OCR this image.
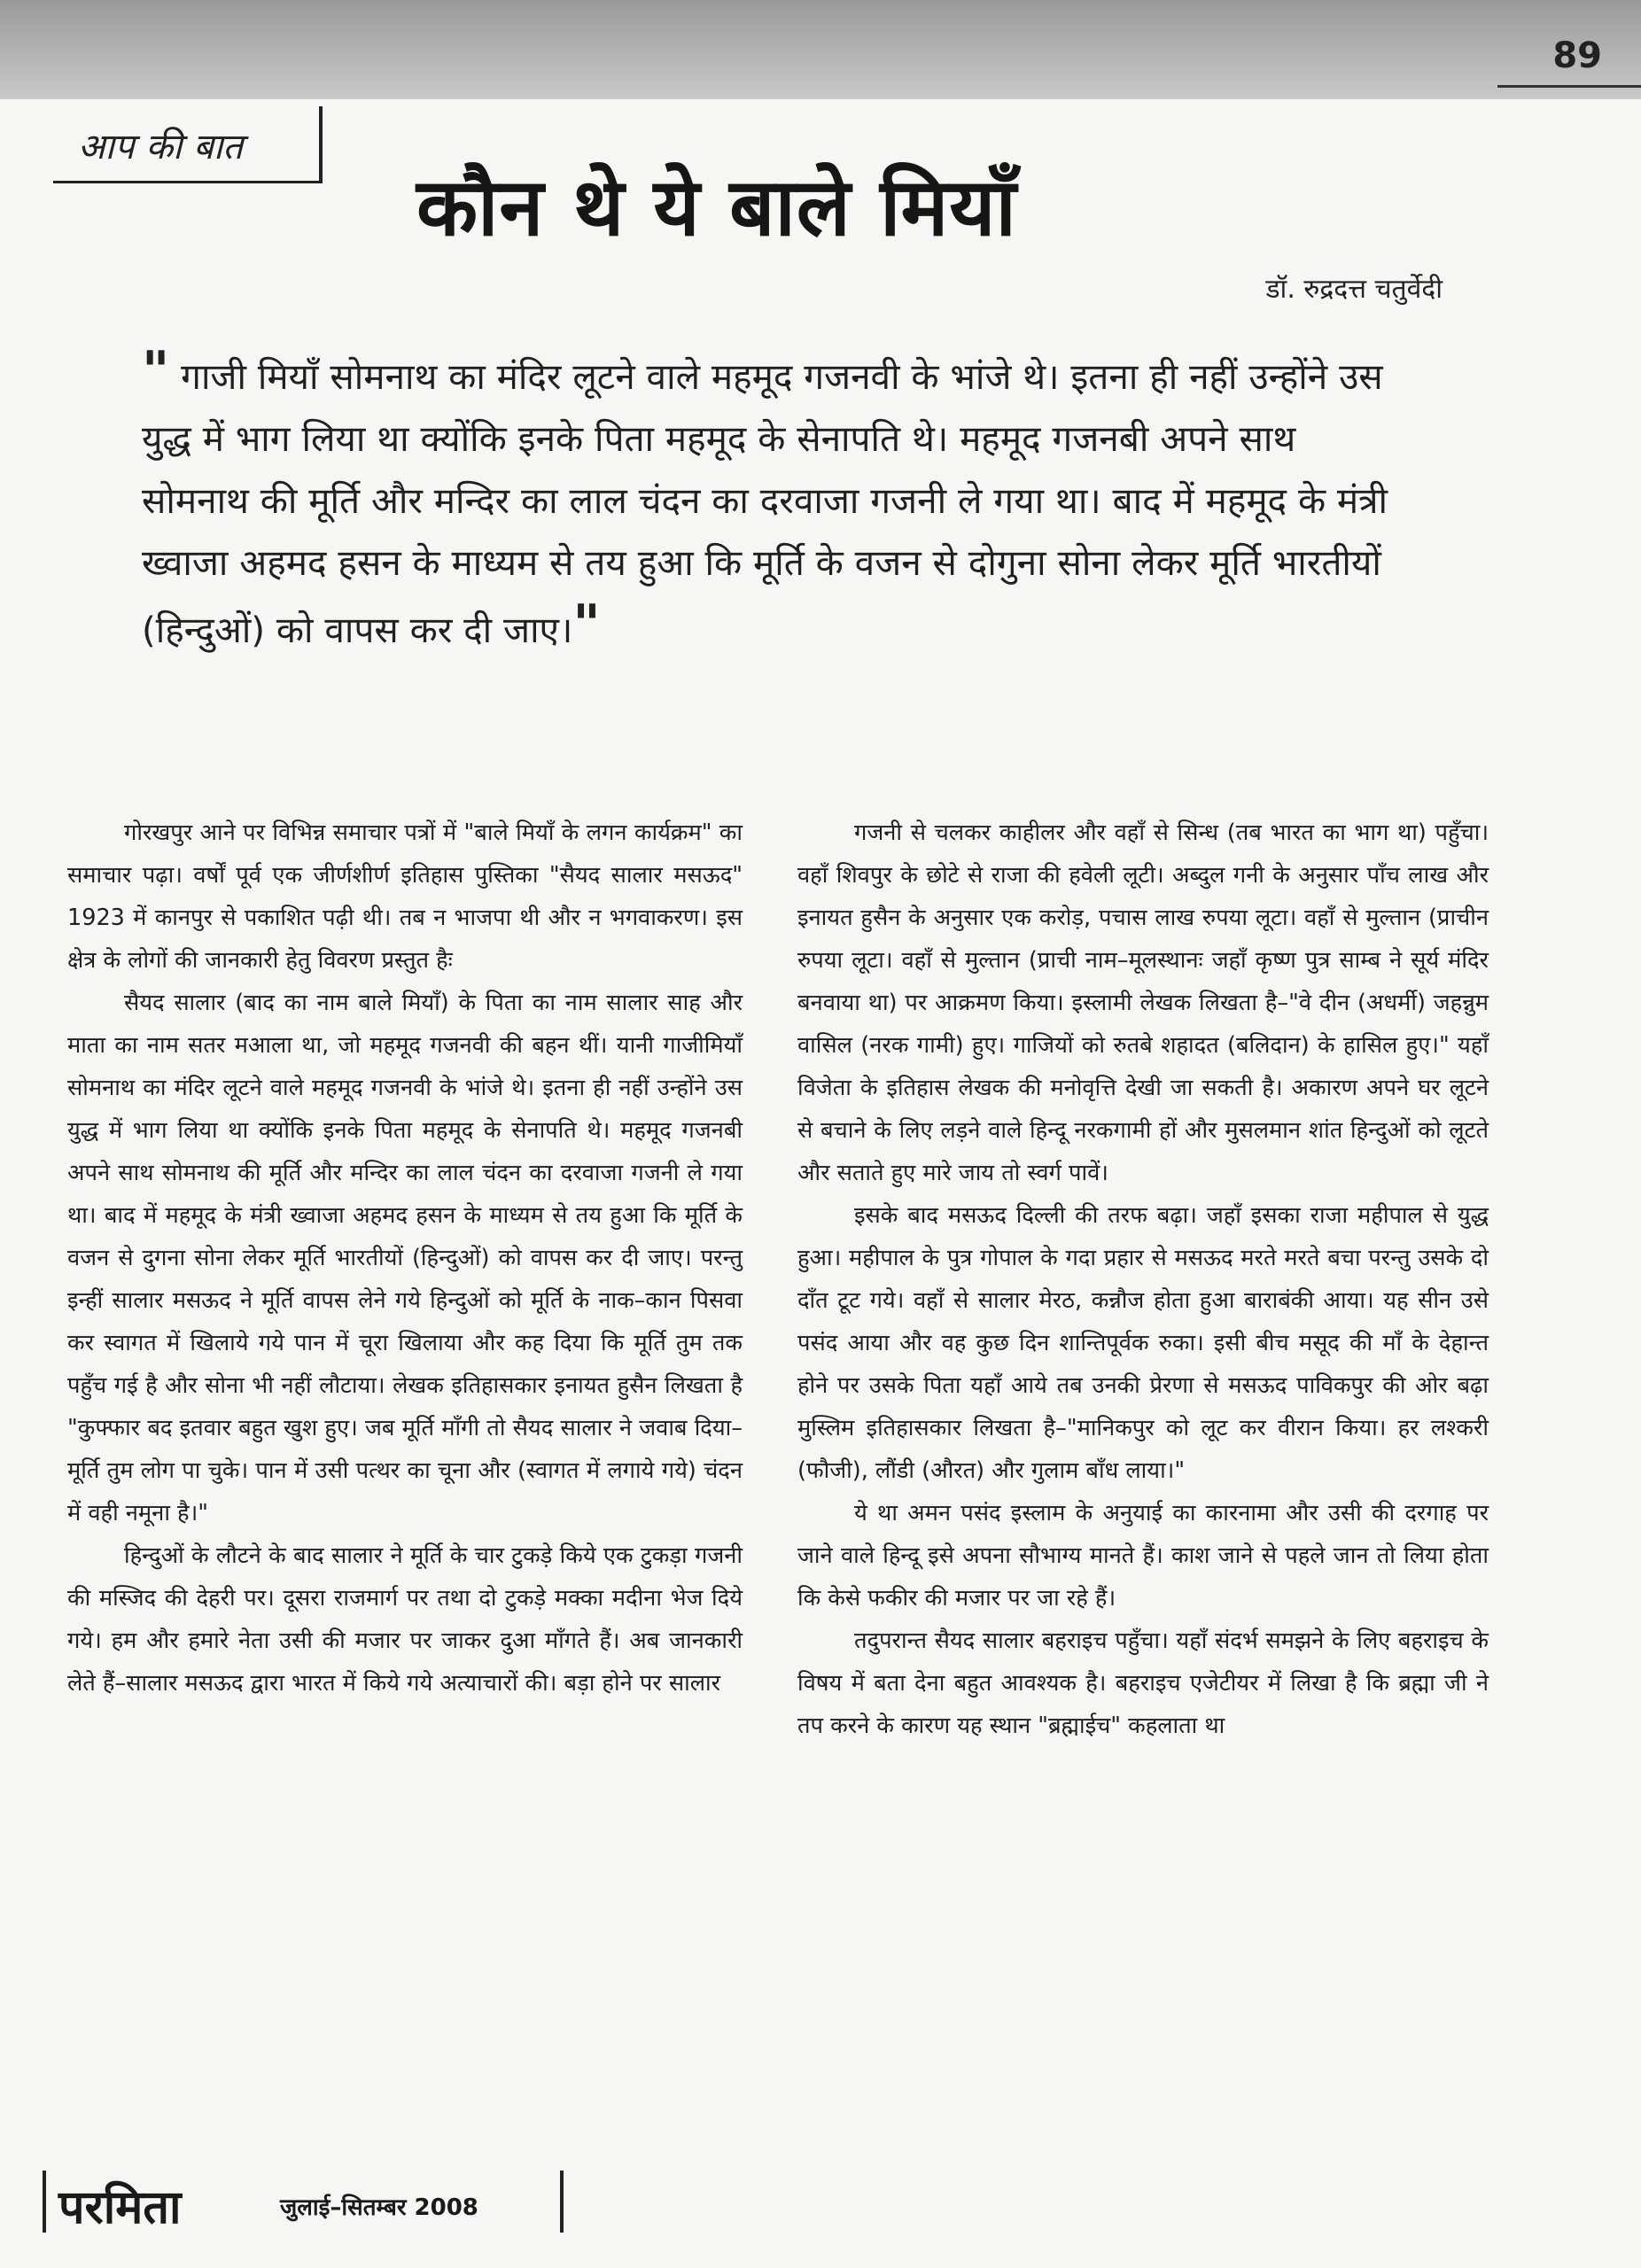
89
आप की बात
कौन थे ये बाले मियाँ
डॉ. रुद्रदत्त चतुर्वेदी

" गाजी मियाँ सोमनाथ का मंदिर लूटने वाले महमूद गजनवी के भांजे थे। इतना ही नहीं उन्होंने उस युद्ध में भाग लिया था क्योंकि इनके पिता महमूद के सेनापति थे। महमूद गजनबी अपने साथ सोमनाथ की मूर्ति और मन्दिर का लाल चंदन का दरवाजा गजनी ले गया था। बाद में महमूद के मंत्री ख्वाजा अहमद हसन के माध्यम से तय हुआ कि मूर्ति के वजन से दोगुना सोना लेकर मूर्ति भारतीयों (हिन्दुओं) को वापस कर दी जाए।"

गोरखपुर आने पर विभिन्न समाचार पत्रों में "बाले मियाँ के लगन कार्यक्रम" का समाचार पढ़ा। वर्षों पूर्व एक जीर्णशीर्ण इतिहास पुस्तिका "सैयद सालार मसऊद" 1923 में कानपुर से पकाशित पढ़ी थी। तब न भाजपा थी और न भगवाकरण। इस क्षेत्र के लोगों की जानकारी हेतु विवरण प्रस्तुत हैः

सैयद सालार (बाद का नाम बाले मियाँ) के पिता का नाम सालार साह और माता का नाम सतर मआला था, जो महमूद गजनवी की बहन थीं। यानी गाजीमियाँ सोमनाथ का मंदिर लूटने वाले महमूद गजनवी के भांजे थे। इतना ही नहीं उन्होंने उस युद्ध में भाग लिया था क्योंकि इनके पिता महमूद के सेनापति थे। महमूद गजनबी अपने साथ सोमनाथ की मूर्ति और मन्दिर का लाल चंदन का दरवाजा गजनी ले गया था। बाद में महमूद के मंत्री ख्वाजा अहमद हसन के माध्यम से तय हुआ कि मूर्ति के वजन से दुगना सोना लेकर मूर्ति भारतीयों (हिन्दुओं) को वापस कर दी जाए। परन्तु इन्हीं सालार मसऊद ने मूर्ति वापस लेने गये हिन्दुओं को मूर्ति के नाक–कान पिसवा कर स्वागत में खिलाये गये पान में चूरा खिलाया और कह दिया कि मूर्ति तुम तक पहुँच गई है और सोना भी नहीं लौटाया। लेखक इतिहासकार इनायत हुसैन लिखता है "कुफ्फार बद इतवार बहुत खुश हुए। जब मूर्ति माँगी तो सैयद सालार ने जवाब दिया–मूर्ति तुम लोग पा चुके। पान में उसी पत्थर का चूना और (स्वागत में लगाये गये) चंदन में वही नमूना है।"

हिन्दुओं के लौटने के बाद सालार ने मूर्ति के चार टुकड़े किये एक टुकड़ा गजनी की मस्जिद की देहरी पर। दूसरा राजमार्ग पर तथा दो टुकड़े मक्का मदीना भेज दिये गये। हम और हमारे नेता उसी की मजार पर जाकर दुआ माँगते हैं। अब जानकारी लेते हैं–सालार मसऊद द्वारा भारत में किये गये अत्याचारों की। बड़ा होने पर सालार

गजनी से चलकर काहीलर और वहाँ से सिन्ध (तब भारत का भाग था) पहुँचा। वहाँ शिवपुर के छोटे से राजा की हवेली लूटी। अब्दुल गनी के अनुसार पाँच लाख और इनायत हुसैन के अनुसार एक करोड़, पचास लाख रुपया लूटा। वहाँ से मुल्तान (प्राचीन रुपया लूटा। वहाँ से मुल्तान (प्राची नाम–मूलस्थानः जहाँ कृष्ण पुत्र साम्ब ने सूर्य मंदिर बनवाया था) पर आक्रमण किया। इस्लामी लेखक लिखता है–"वे दीन (अधर्मी) जहन्नुम वासिल (नरक गामी) हुए। गाजियों को रुतबे शहादत (बलिदान) के हासिल हुए।" यहाँ विजेता के इतिहास लेखक की मनोवृत्ति देखी जा सकती है। अकारण अपने घर लूटने से बचाने के लिए लड़ने वाले हिन्दू नरकगामी हों और मुसलमान शांत हिन्दुओं को लूटते और सताते हुए मारे जाय तो स्वर्ग पावें।

इसके बाद मसऊद दिल्ली की तरफ बढ़ा। जहाँ इसका राजा महीपाल से युद्ध हुआ। महीपाल के पुत्र गोपाल के गदा प्रहार से मसऊद मरते मरते बचा परन्तु उसके दो दाँत टूट गये। वहाँ से सालार मेरठ, कन्नौज होता हुआ बाराबंकी आया। यह सीन उसे पसंद आया और वह कुछ दिन शान्तिपूर्वक रुका। इसी बीच मसूद की माँ के देहान्त होने पर उसके पिता यहाँ आये तब उनकी प्रेरणा से मसऊद पाविकपुर की ओर बढ़ा मुस्लिम इतिहासकार लिखता है–"मानिकपुर को लूट कर वीरान किया। हर लश्करी (फौजी), लौंडी (औरत) और गुलाम बाँध लाया।"

ये था अमन पसंद इस्लाम के अनुयाई का कारनामा और उसी की दरगाह पर जाने वाले हिन्दू इसे अपना सौभाग्य मानते हैं। काश जाने से पहले जान तो लिया होता कि केसे फकीर की मजार पर जा रहे हैं।

तदुपरान्त सैयद सालार बहराइच पहुँचा। यहाँ संदर्भ समझने के लिए बहराइच के विषय में बता देना बहुत आवश्यक है। बहराइच एजेटीयर में लिखा है कि ब्रह्मा जी ने तप करने के कारण यह स्थान "ब्रह्माईच" कहलाता था

परमिता	जुलाई–सितम्बर 2008
